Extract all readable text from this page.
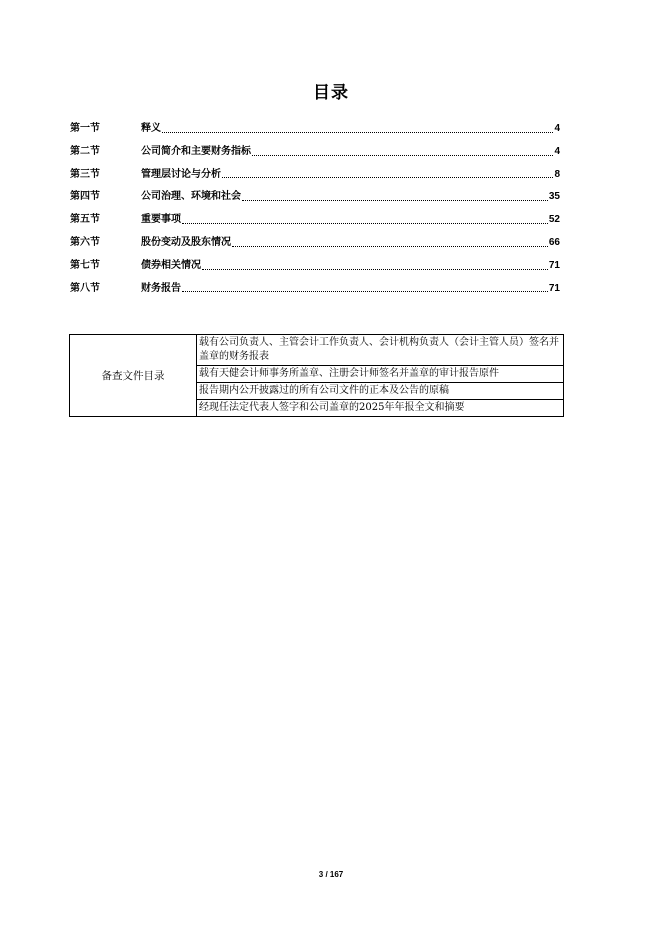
目录
第一节	释义	4
第二节	公司简介和主要财务指标	4
第三节	管理层讨论与分析	8
第四节	公司治理、环境和社会	35
第五节	重要事项	52
第六节	股份变动及股东情况	66
第七节	债券相关情况	71
第八节	财务报告	71
备查文件目录	载有公司负责人、主管会计工作负责人、会计机构负责人（会计主管人员）签名并盖章的财务报表
载有天健会计师事务所盖章、注册会计师签名并盖章的审计报告原件
报告期内公开披露过的所有公司文件的正本及公告的原稿
经现任法定代表人签字和公司盖章的2025年年报全文和摘要
3 / 167
